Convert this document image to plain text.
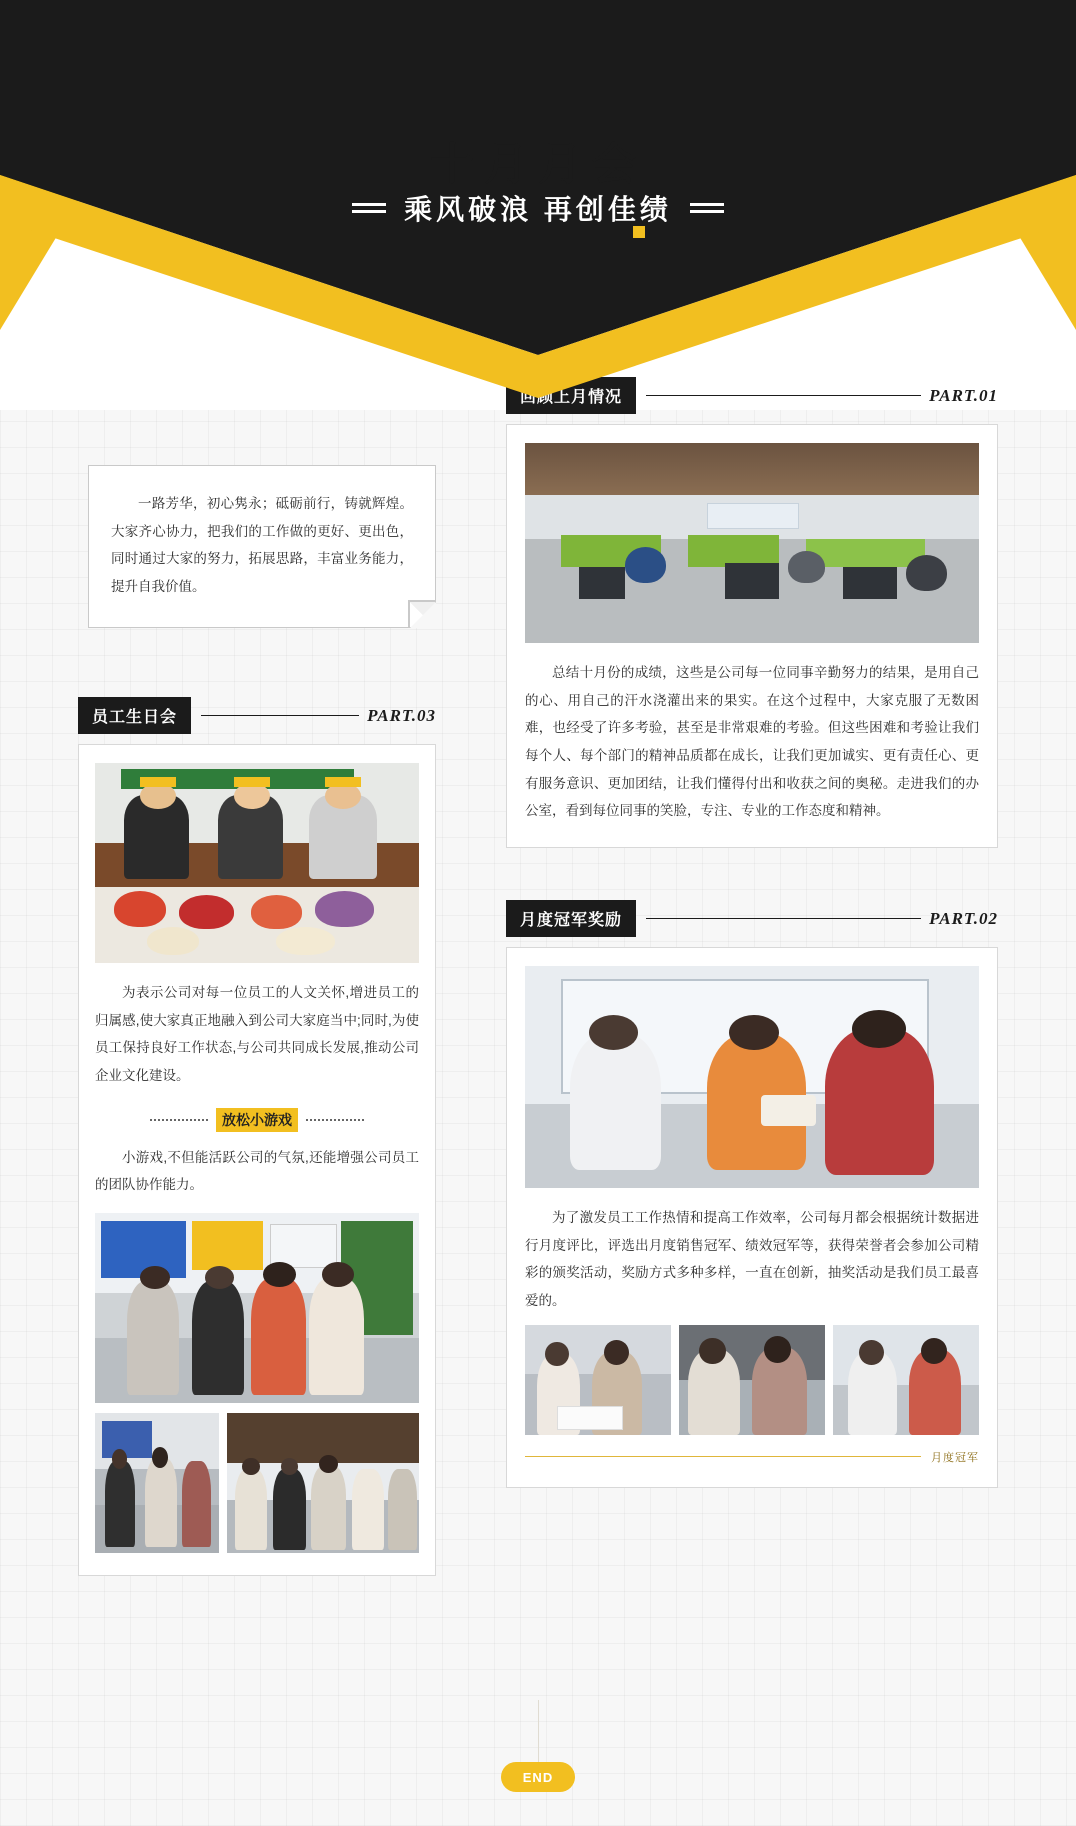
十月月会
乘风破浪 再创佳绩
一路芳华，初心隽永；砥砺前行，铸就辉煌。大家齐心协力，把我们的工作做的更好、更出色，同时通过大家的努力，拓展思路，丰富业务能力，提升自我价值。
回顾上月情况	PART.01
总结十月份的成绩，这些是公司每一位同事辛勤努力的结果，是用自己的心、用自己的汗水浇灌出来的果实。在这个过程中，大家克服了无数困难，也经受了许多考验，甚至是非常艰难的考验。但这些困难和考验让我们每个人、每个部门的精神品质都在成长，让我们更加诚实、更有责任心、更有服务意识、更加团结，让我们懂得付出和收获之间的奥秘。走进我们的办公室，看到每位同事的笑脸，专注、专业的工作态度和精神。
月度冠军奖励	PART.02
为了激发员工工作热情和提高工作效率，公司每月都会根据统计数据进行月度评比，评选出月度销售冠军、绩效冠军等，获得荣誉者会参加公司精彩的颁奖活动，奖励方式多种多样，一直在创新，抽奖活动是我们员工最喜爱的。
月度冠军
员工生日会	PART.03
为表示公司对每一位员工的人文关怀,增进员工的归属感,使大家真正地融入到公司大家庭当中;同时,为使员工保持良好工作状态,与公司共同成长发展,推动公司企业文化建设。
放松小游戏
小游戏,不但能活跃公司的气氛,还能增强公司员工的团队协作能力。
END
